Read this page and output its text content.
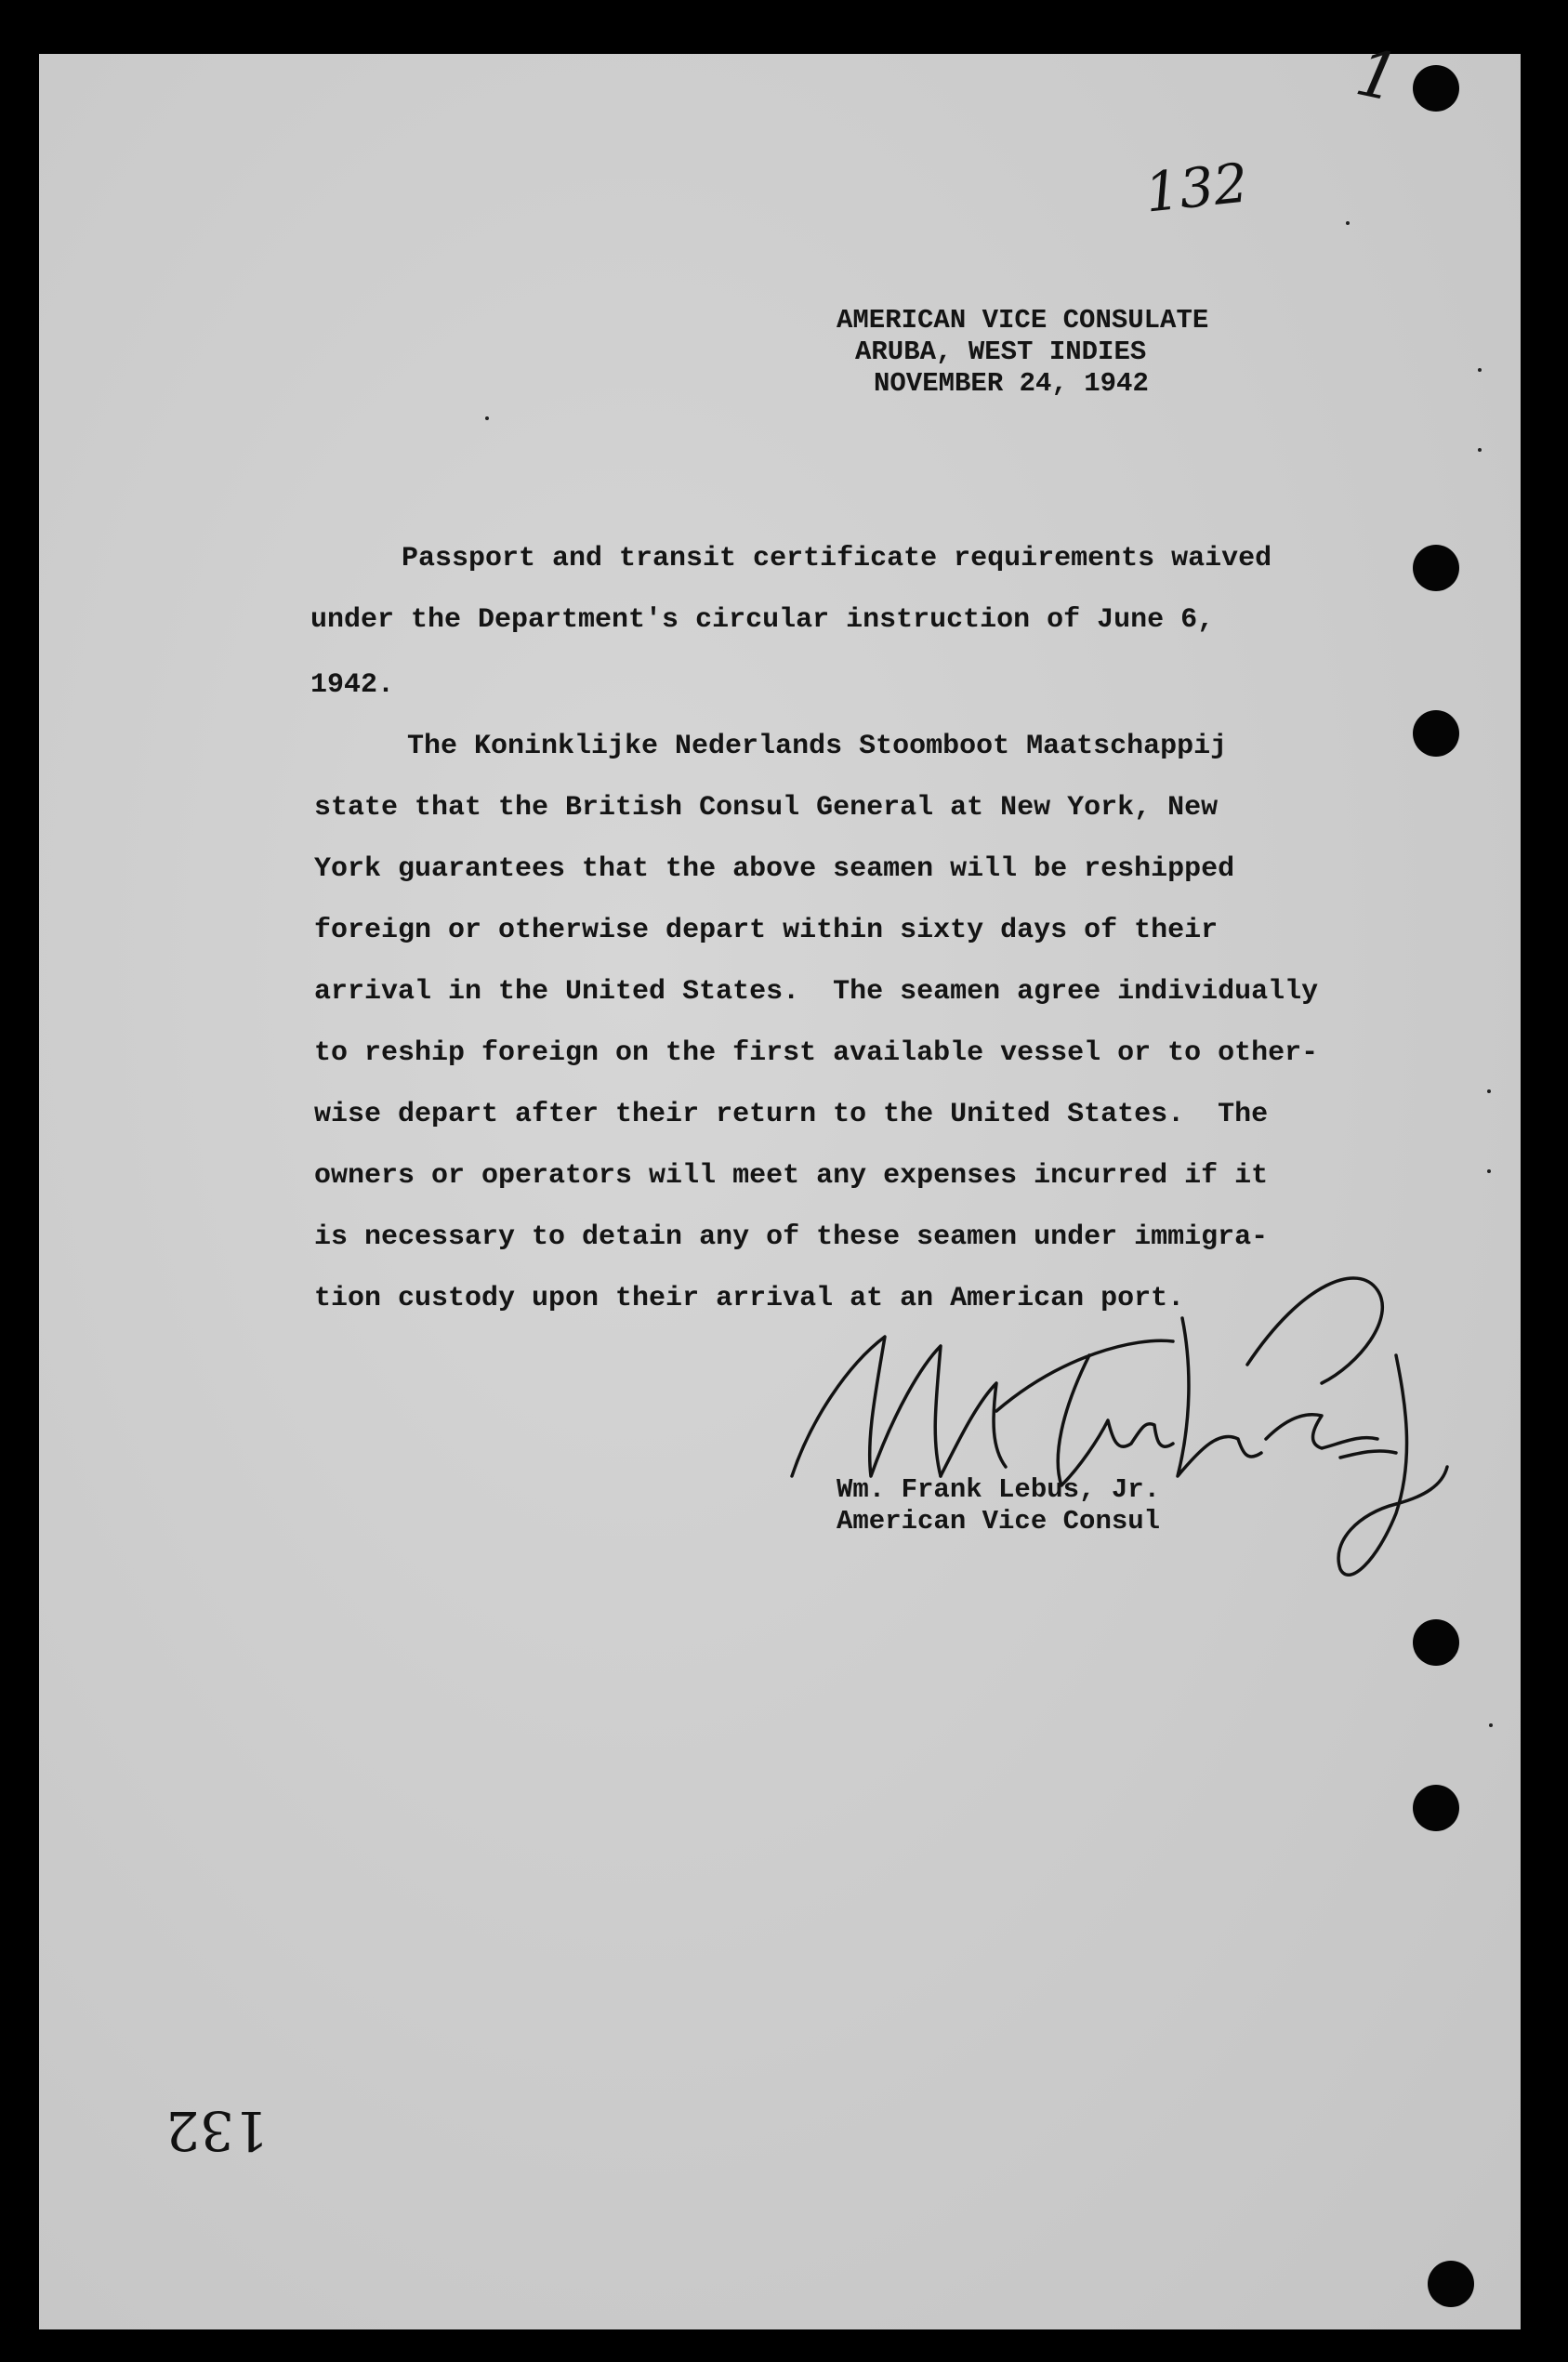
1
132
AMERICAN VICE CONSULATE
ARUBA, WEST INDIES
NOVEMBER 24, 1942
Passport and transit certificate requirements waived
under the Department's circular instruction of June 6,
1942.
The Koninklijke Nederlands Stoomboot Maatschappij
state that the British Consul General at New York, New
York guarantees that the above seamen will be reshipped
foreign or otherwise depart within sixty days of their
arrival in the United States.  The seamen agree individually
to reship foreign on the first available vessel or to other-
wise depart after their return to the United States.  The
owners or operators will meet any expenses incurred if it
is necessary to detain any of these seamen under immigra-
tion custody upon their arrival at an American port.
Wm. Frank Lebus, Jr.
American Vice Consul
132
